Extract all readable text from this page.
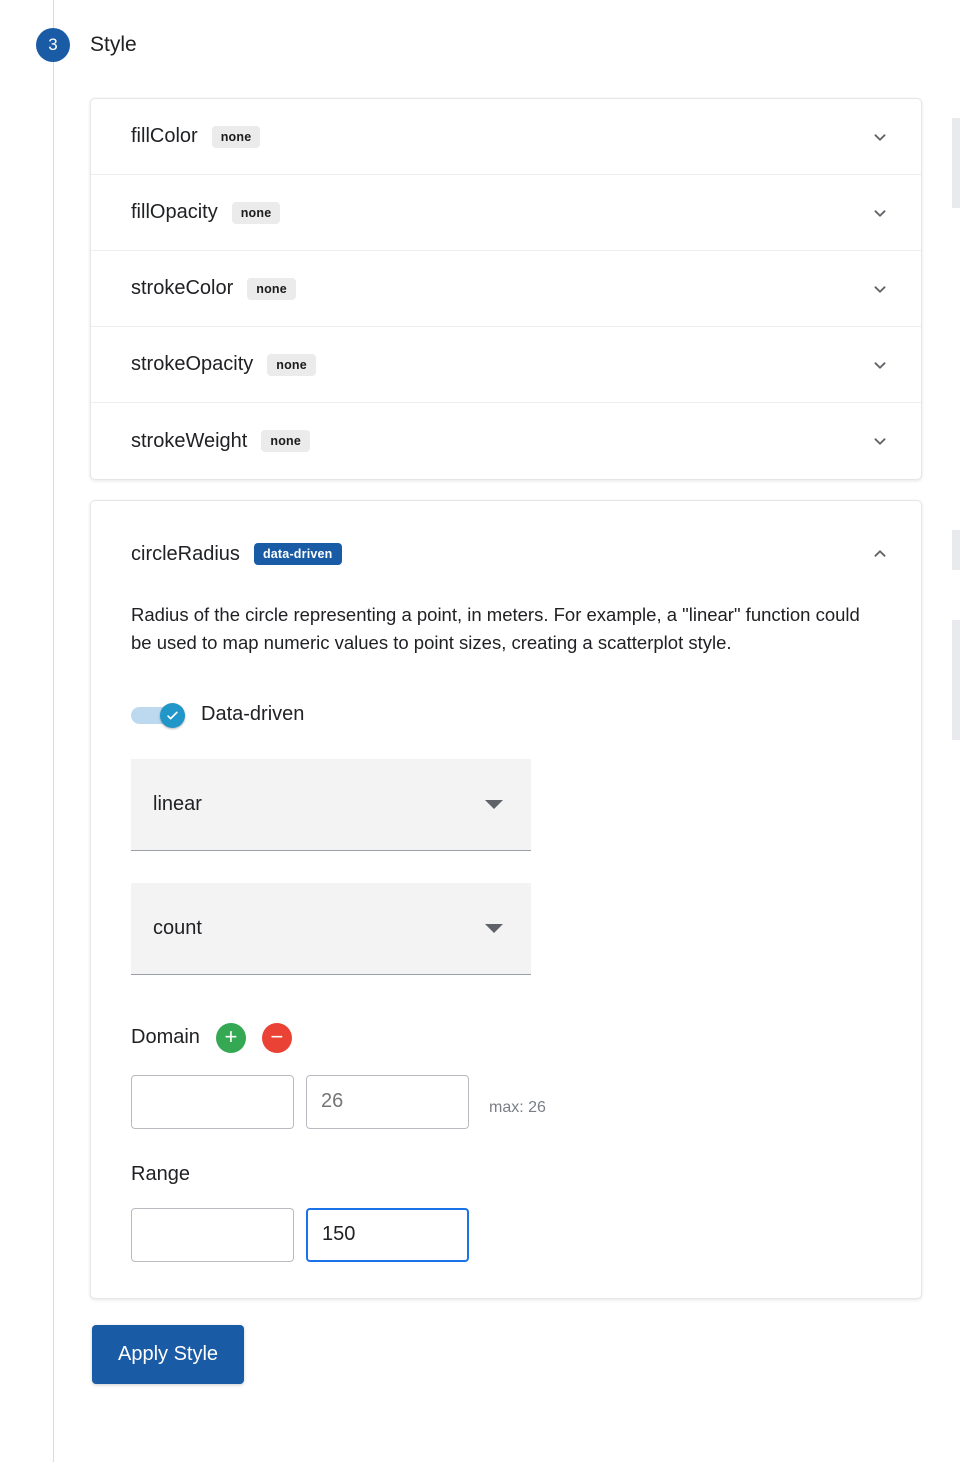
3	Style
fillColor	none
fillOpacity	none
strokeColor	none
strokeOpacity	none
strokeWeight	none
circleRadius	data-driven
Radius of the circle representing a point, in meters. For example, a "linear" function could be used to map numeric values to point sizes, creating a scatterplot style.
Data-driven
linear
count
Domain + −
26
max: 26
Range
150
Apply Style
